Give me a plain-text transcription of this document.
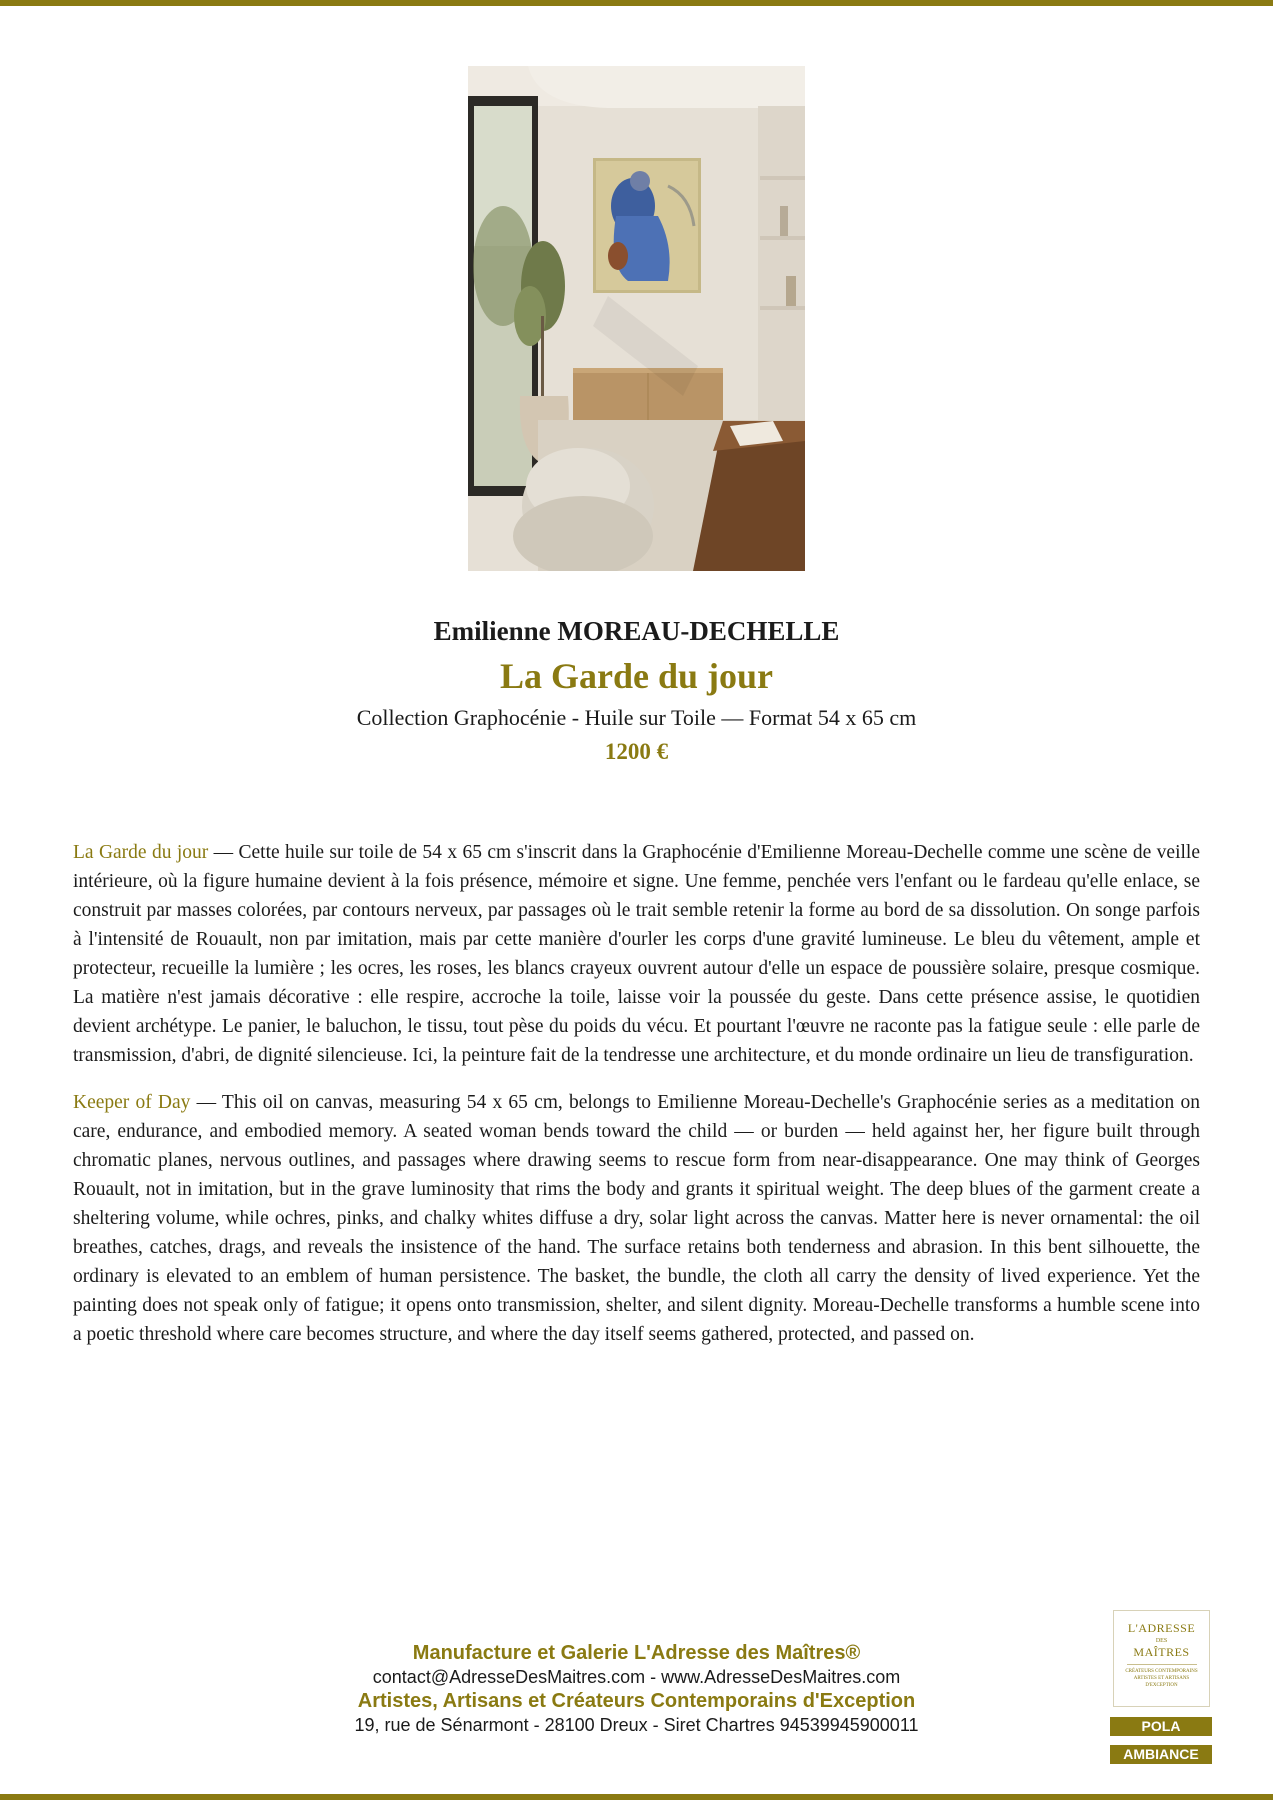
Emilienne MOREAU-DECHELLE
La Garde du jour
Collection Graphocénie - Huile sur Toile — Format 54 x 65 cm
1200 €

La Garde du jour — Cette huile sur toile de 54 x 65 cm s'inscrit dans la Graphocénie d'Emilienne Moreau-Dechelle comme une scène de veille intérieure, où la figure humaine devient à la fois présence, mémoire et signe. Une femme, penchée vers l'enfant ou le fardeau qu'elle enlace, se construit par masses colorées, par contours nerveux, par passages où le trait semble retenir la forme au bord de sa dissolution. On songe parfois à l'intensité de Rouault, non par imitation, mais par cette manière d'ourler les corps d'une gravité lumineuse. Le bleu du vêtement, ample et protecteur, recueille la lumière ; les ocres, les roses, les blancs crayeux ouvrent autour d'elle un espace de poussière solaire, presque cosmique. La matière n'est jamais décorative : elle respire, accroche la toile, laisse voir la poussée du geste. Dans cette présence assise, le quotidien devient archétype. Le panier, le baluchon, le tissu, tout pèse du poids du vécu. Et pourtant l'œuvre ne raconte pas la fatigue seule : elle parle de transmission, d'abri, de dignité silencieuse. Ici, la peinture fait de la tendresse une architecture, et du monde ordinaire un lieu de transfiguration.

Keeper of Day — This oil on canvas, measuring 54 x 65 cm, belongs to Emilienne Moreau-Dechelle's Graphocénie series as a meditation on care, endurance, and embodied memory. A seated woman bends toward the child — or burden — held against her, her figure built through chromatic planes, nervous outlines, and passages where drawing seems to rescue form from near-disappearance. One may think of Georges Rouault, not in imitation, but in the grave luminosity that rims the body and grants it spiritual weight. The deep blues of the garment create a sheltering volume, while ochres, pinks, and chalky whites diffuse a dry, solar light across the canvas. Matter here is never ornamental: the oil breathes, catches, drags, and reveals the insistence of the hand. The surface retains both tenderness and abrasion. In this bent silhouette, the ordinary is elevated to an emblem of human persistence. The basket, the bundle, the cloth all carry the density of lived experience. Yet the painting does not speak only of fatigue; it opens onto transmission, shelter, and silent dignity. Moreau-Dechelle transforms a humble scene into a poetic threshold where care becomes structure, and where the day itself seems gathered, protected, and passed on.

Manufacture et Galerie L'Adresse des Maîtres®
contact@AdresseDesMaitres.com - www.AdresseDesMaitres.com
Artistes, Artisans et Créateurs Contemporains d'Exception
19, rue de Sénarmont - 28100 Dreux - Siret Chartres 94539945900011
L'ADRESSE
DES
MAÎTRES
CRÉATEURS CONTEMPORAINS ARTISTES ET ARTISANS D'EXCEPTION
POLA
AMBIANCE
